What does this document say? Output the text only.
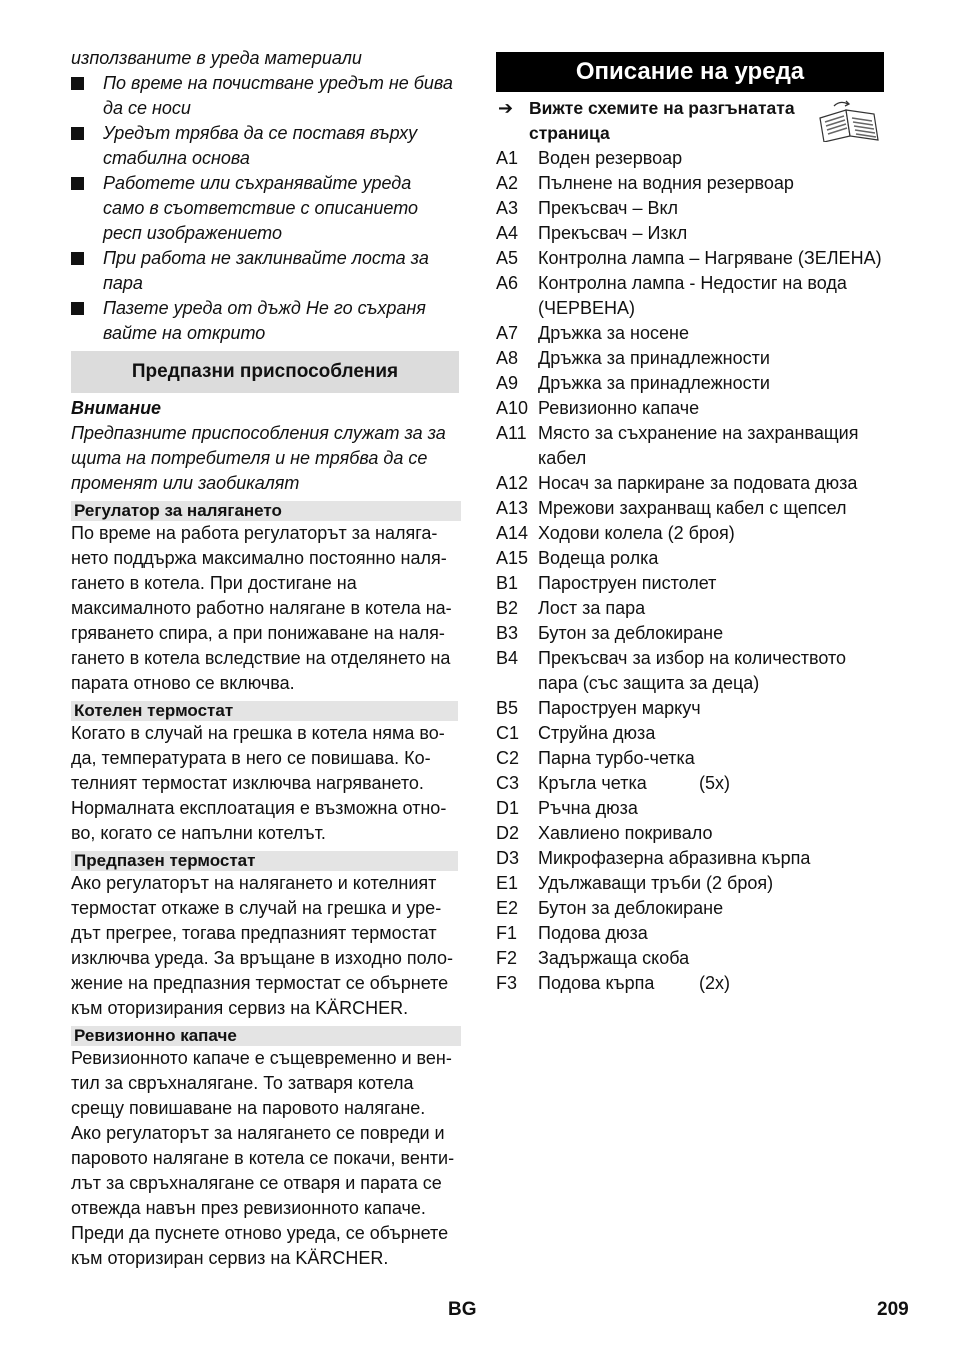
използваните в уреда материали
По време на почистване уредът не бива
да се носи
Уредът трябва да се поставя върху
стабилна основа
Работете или съхранявайте уреда
само в съответствие с описанието
респ изображението
При работа не заклинвайте лоста за
пара
Пазете уреда от дъжд Не го съхраня
вайте на открито
Предпазни приспособления
Внимание
Предпазните приспособления служат за за
щита на потребителя и не трябва да се
променят или заобикалят
Регулатор за налягането
По време на работа регулаторът за наляга-
нето поддържа максимално постоянно наля-
гането в котела. При достигане на
максималното работно налягане в котела на-
гряването спира, а при понижаване на наля-
гането в котела вследствие на отделянето на
парата отново се включва.
Котелен термостат
Когато в случай на грешка в котела няма во-
да, температурата в него се повишава. Ко-
телният термостат изключва нагряването.
Нормалната експлоатация е възможна отно-
во, когато се напълни котелът.
Предпазен термостат
Ако регулаторът на налягането и котелният
термостат откаже в случай на грешка и уре-
дът прегрее, тогава предпазният термостат
изключва уреда. За връщане в изходно поло-
жение на предпазния термостат се обърнете
към оторизирания сервиз на KÄRCHER.
Ревизионно капаче
Ревизионното капаче е същевременно и вен-
тил за свръхналягане. То затваря котела
срещу повишаване на паровото налягане.
Ако регулаторът за налягането се повреди и
паровото налягане в котела се покачи, венти-
лът за свръхналягане се отваря и парата се
отвежда навън през ревизионното капаче.
Преди да пуснете отново уреда, се обърнете
към оторизиран сервиз на KÄRCHER.
Описание на уреда
➔ Вижте схемите на разгънатата
страница
A1 Воден резервоар
A2 Пълнене на водния резервоар
A3 Прекъсвач – Вкл
A4 Прекъсвач – Изкл
A5 Контролна лампа – Нагряване (ЗЕЛЕНА)
A6 Контролна лампа - Недостиг на вода
(ЧЕРВЕНА)
A7 Дръжка за носене
A8 Дръжка за принадлежности
A9 Дръжка за принадлежности
A10 Ревизионно капаче
A11 Място за съхранение на захранващия
кабел
A12 Носач за паркиране за подовата дюза
A13 Мрежови захранващ кабел с щепсел
A14 Ходови колела (2 броя)
A15 Водеща ролка
B1 Пароструен пистолет
B2 Лост за пара
B3 Бутон за деблокиране
B4 Прекъсвач за избор на количеството
пара (със защита за деца)
B5 Пароструен маркуч
C1 Струйна дюза
C2 Парна турбо-четка
C3 Кръгла четка	(5x)
D1 Ръчна дюза
D2 Хавлиено покривало
D3 Микрофазерна абразивна кърпа
E1 Удължаващи тръби (2 броя)
E2 Бутон за деблокиране
F1 Подова дюза
F2 Задържаща скоба
F3 Подова кърпа (2x)
BG	209
